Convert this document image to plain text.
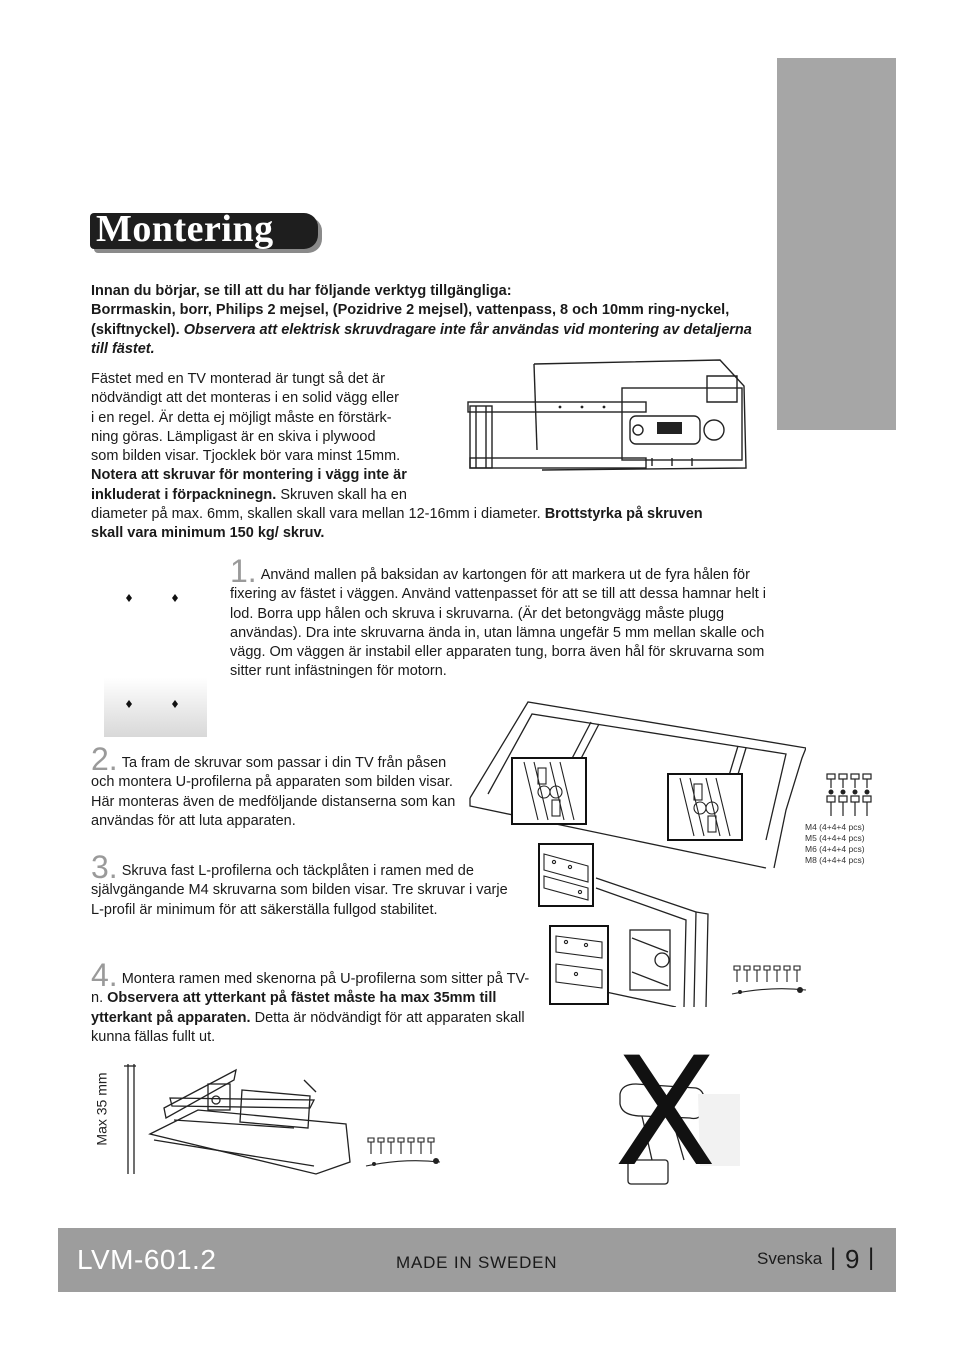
Montering
Innan du börjar, se till att du har följande verktyg tillgängliga:
Borrmaskin, borr, Philips 2 mejsel, (Pozidrive 2 mejsel), vattenpass, 8 och 10mm ring-nyckel, (skiftnyckel). Observera att elektrisk skruvdragare inte får användas vid montering av detaljerna till fästet.
Fästet med en TV monterad är tungt så det är
nödvändigt att det monteras i en solid vägg eller
i en regel. Är detta ej möjligt måste en förstärk-
ning göras. Lämpligast är en skiva i plywood
som bilden visar. Tjocklek bör vara minst 15mm.
Notera att skruvar för montering i vägg inte är
inkluderat i förpackninegn. Skruven skall ha en
diameter på max. 6mm, skallen skall vara mellan 12-16mm i diameter. Brottstyrka på skruven
skall vara minimum 150 kg/ skruv.
1. Använd mallen på baksidan av kartongen för att markera ut de fyra hålen för fixering av fästet i väggen. Använd vattenpasset för att se till att dessa hamnar helt i lod. Borra upp hålen och skruva i skruvarna. (Är det betongvägg måste plugg användas). Dra inte skruvarna ända in, utan lämna ungefär 5 mm mellan skalle och vägg. Om väggen är instabil eller apparaten tung, borra även hål för skruvarna som sitter runt infästningen för motorn.
2. Ta fram de skruvar som passar i din TV från påsen och montera U-profilerna på apparaten som bilden visar. Här monteras även de medföljande distanserna som kan användas för att luta apparaten.	M4 (4+4+4 pcs)
M5 (4+4+4 pcs)
M6 (4+4+4 pcs)
M8 (4+4+4 pcs)
3. Skruva fast L-profilerna och täckplåten i ramen med de självgängande M4 skruvarna som bilden visar. Tre skruvar i varje L-profil är minimum för att säkerställa fullgod stabilitet.
4. Montera ramen med skenorna på U-profilerna som sitter på TV-n. Observera att ytterkant på fästet måste ha max 35mm till ytterkant på apparaten. Detta är nödvändigt för att apparaten skall kunna fällas fullt ut.
Max 35 mm	X
LVM-601.2	MADE IN SWEDEN	Svenska | 9 |
